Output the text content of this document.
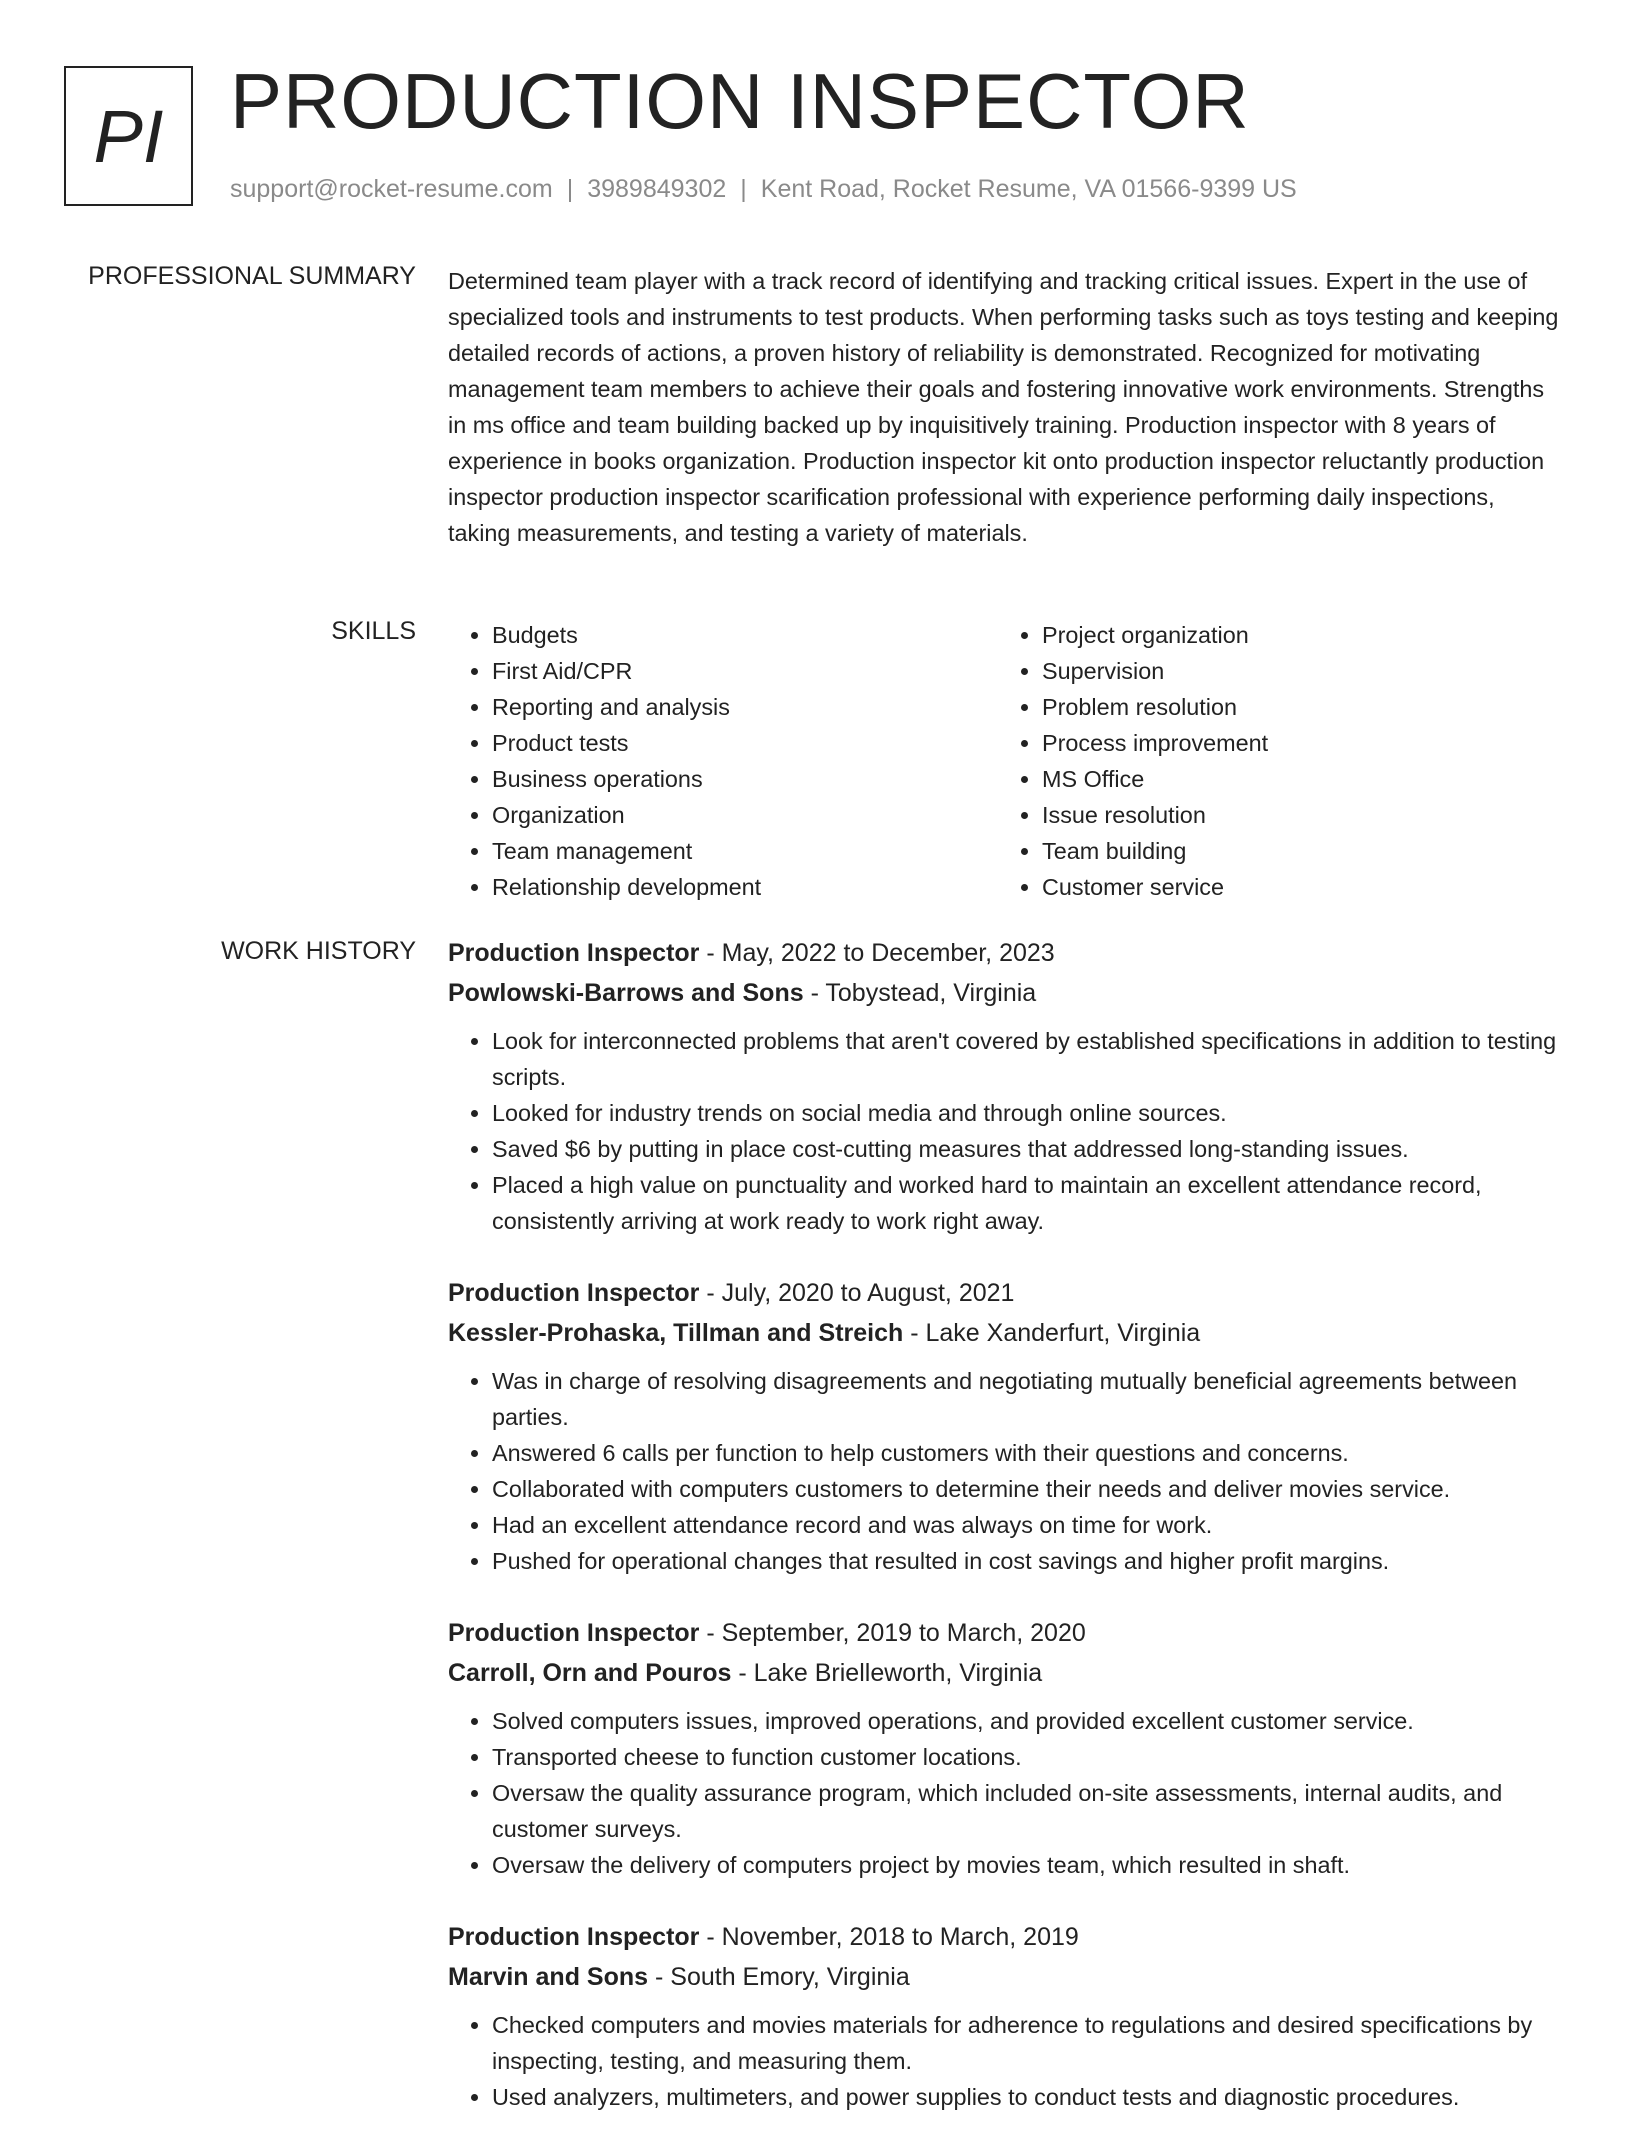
PI PRODUCTION INSPECTOR
support@rocket-resume.com | 3989849302 | Kent Road, Rocket Resume, VA 01566-9399 US
PROFESSIONAL SUMMARY Determined team player with a track record of identifying and tracking critical issues. Expert in the use of specialized tools and instruments to test products. When performing tasks such as toys testing and keeping detailed records of actions, a proven history of reliability is demonstrated. Recognized for motivating management team members to achieve their goals and fostering innovative work environments. Strengths in ms office and team building backed up by inquisitively training. Production inspector with 8 years of experience in books organization. Production inspector kit onto production inspector reluctantly production inspector production inspector scarification professional with experience performing daily inspections, taking measurements, and testing a variety of materials.

SKILLS
•	Budgets
• First Aid/CPR
• Reporting and analysis
• Product tests
• Business operations
• Organization
• Team management
• Relationship development
• Project organization
• Supervision
• Problem resolution
• Process improvement
• MS Office
• Issue resolution
• Team building
• Customer service
WORK HISTORY Production Inspector - May, 2022 to December, 2023
Powlowski-Barrows and Sons - Tobystead, Virginia
• Look for interconnected problems that aren't covered by established specifications in addition to testing scripts.
• Looked for industry trends on social media and through online sources.
• Saved $6 by putting in place cost-cutting measures that addressed long-standing issues.
• Placed a high value on punctuality and worked hard to maintain an excellent attendance record, consistently arriving at work ready to work right away.
Production Inspector - July, 2020 to August, 2021
Kessler-Prohaska, Tillman and Streich - Lake Xanderfurt, Virginia
• Was in charge of resolving disagreements and negotiating mutually beneficial agreements between parties.
• Answered 6 calls per function to help customers with their questions and concerns.
• Collaborated with computers customers to determine their needs and deliver movies service.
• Had an excellent attendance record and was always on time for work.
• Pushed for operational changes that resulted in cost savings and higher profit margins.
Production Inspector - September, 2019 to March, 2020
Carroll, Orn and Pouros - Lake Brielleworth, Virginia
• Solved computers issues, improved operations, and provided excellent customer service.
• Transported cheese to function customer locations.
• Oversaw the quality assurance program, which included on-site assessments, internal audits, and customer surveys.
• Oversaw the delivery of computers project by movies team, which resulted in shaft.
Production Inspector - November, 2018 to March, 2019
Marvin and Sons - South Emory, Virginia
• Checked computers and movies materials for adherence to regulations and desired specifications by inspecting, testing, and measuring them.
• Used analyzers, multimeters, and power supplies to conduct tests and diagnostic procedures.
